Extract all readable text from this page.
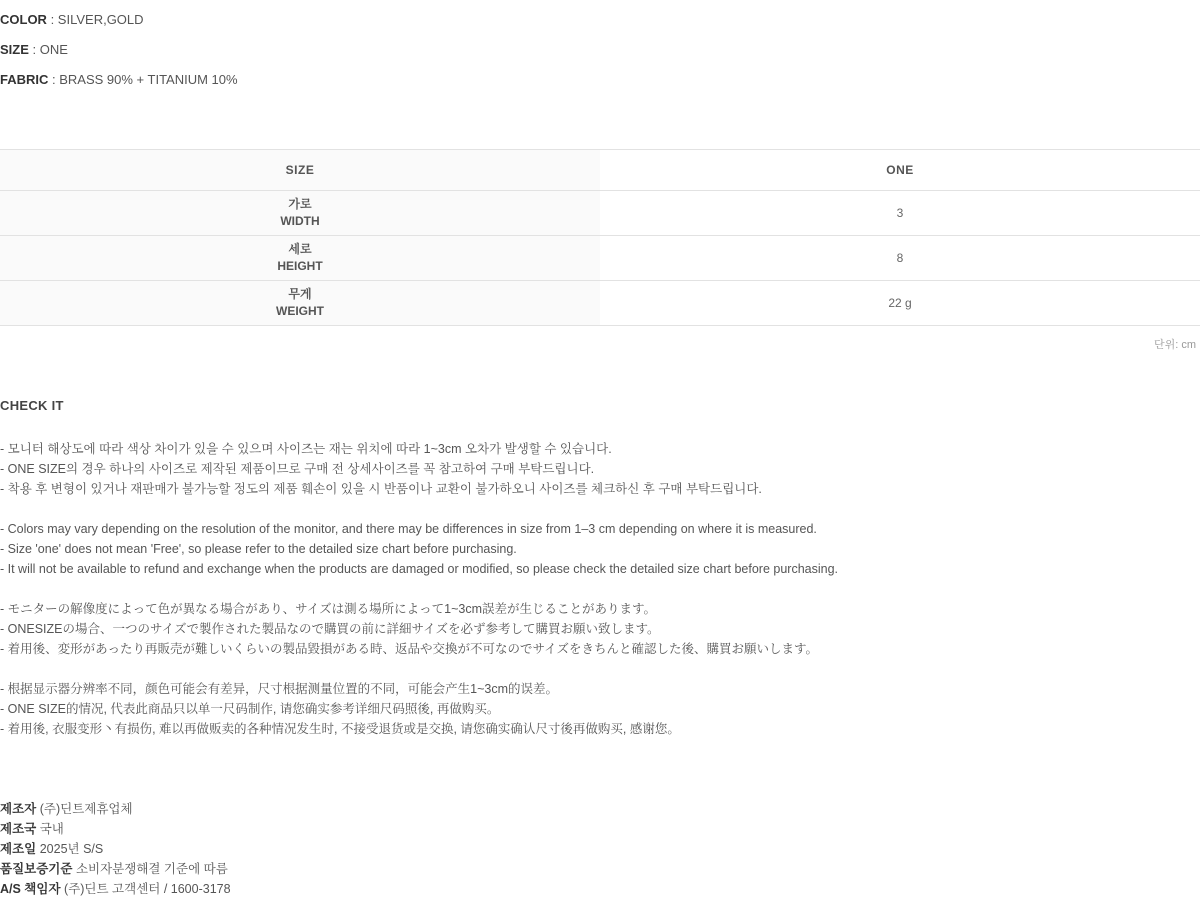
COLOR : SILVER,GOLD
SIZE : ONE
FABRIC : BRASS 90% + TITANIUM 10%
SIZE	ONE

가로
WIDTH	3

세로
HEIGHT	8

무게
WEIGHT	22 g
단위: cm
CHECK IT
- 모니터 해상도에 따라 색상 차이가 있을 수 있으며 사이즈는 재는 위치에 따라 1~3cm 오차가 발생할 수 있습니다.
- ONE SIZE의 경우 하나의 사이즈로 제작된 제품이므로 구매 전 상세사이즈를 꼭 참고하여 구매 부탁드립니다.
- 착용 후 변형이 있거나 재판매가 불가능할 정도의 제품 훼손이 있을 시 반품이나 교환이 불가하오니 사이즈를 체크하신 후 구매 부탁드립니다.
- Colors may vary depending on the resolution of the monitor, and there may be differences in size from 1–3 cm depending on where it is measured.
- Size 'one' does not mean 'Free', so please refer to the detailed size chart before purchasing.
- It will not be available to refund and exchange when the products are damaged or modified, so please check the detailed size chart before purchasing.
- モニターの解像度によって色が異なる場合があり、サイズは測る場所によって1~3cm誤差が生じることがあります。
- ONESIZEの場合、一つのサイズで製作された製品なので購買の前に詳細サイズを必ず参考して購買お願い致します。
- 着用後、変形があったり再販売が難しいくらいの製品毀損がある時、返品や交換が不可なのでサイズをきちんと確認した後、購買お願いします。
- 根据显示器分辨率不同，颜色可能会有差异，尺寸根据测量位置的不同，可能会产生1~3cm的误差。
- ONE SIZE的情况, 代表此商品只以单一尺码制作, 请您确实参考详细尺码照後, 再做购买。
- 着用後, 衣服变形丶有损伤, 难以再做贩卖的各种情况发生时, 不接受退货或是交换, 请您确实确认尺寸後再做购买, 感谢您。
제조자 (주)딘트제휴업체
제조국 국내
제조일 2025년 S/S
품질보증기준 소비자분쟁해결 기준에 따름
A/S 책임자 (주)딘트 고객센터 / 1600-3178
